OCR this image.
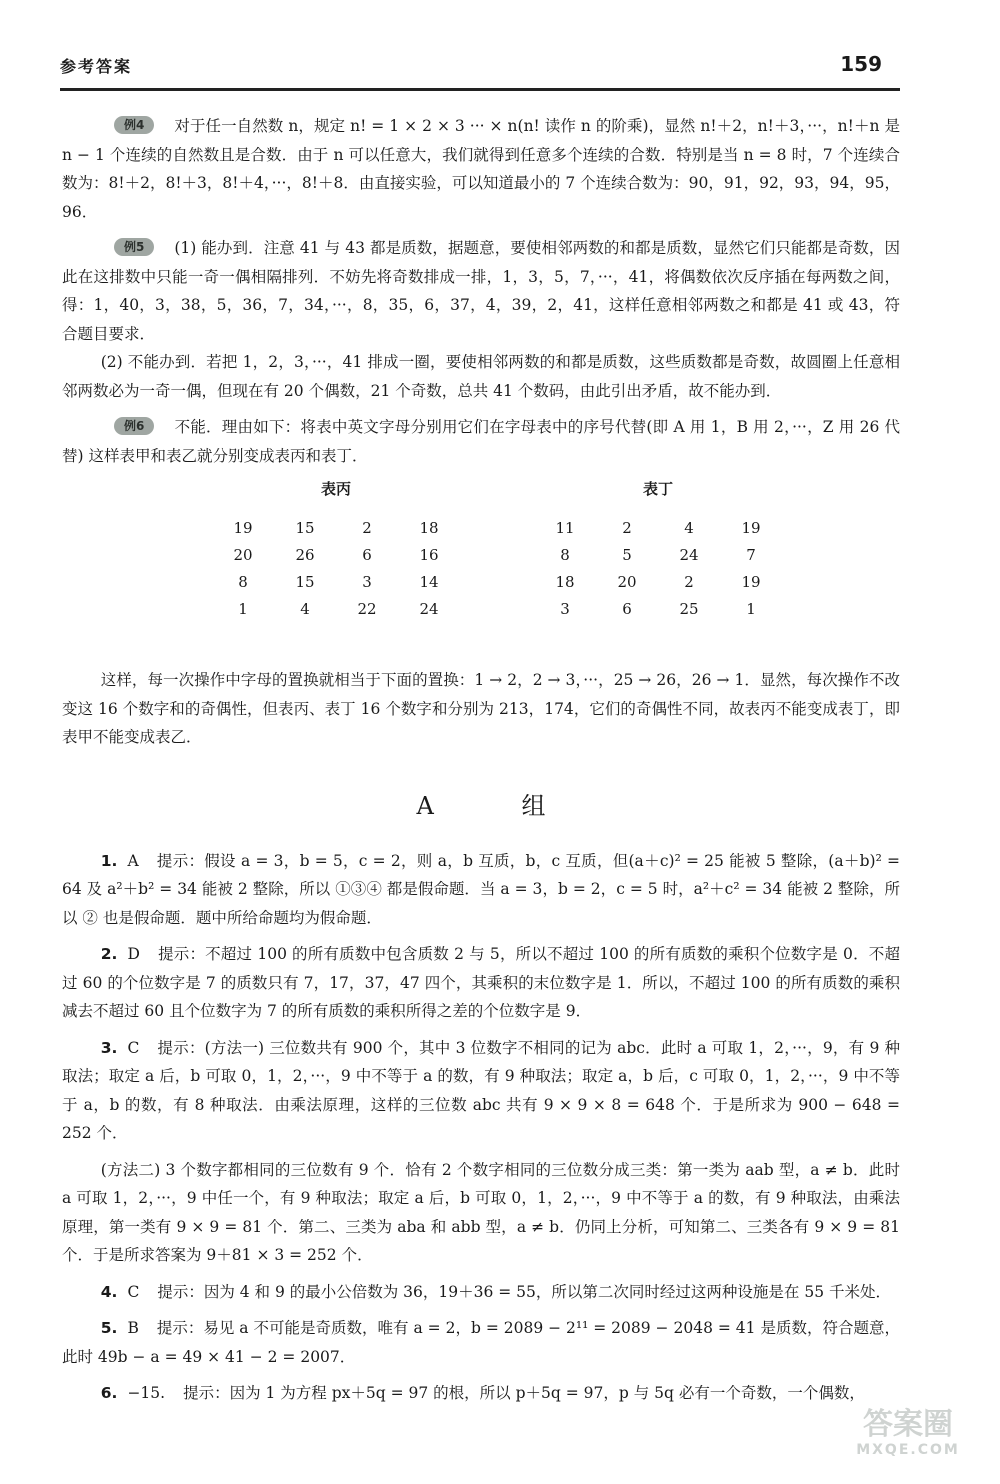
参考答案	159

例4 对于任一自然数 n，规定 n! = 1 × 2 × 3 ··· × n(n! 读作 n 的阶乘)，显然 n!＋2，n!＋3，···，n!＋n 是 n − 1 个连续的自然数且是合数．由于 n 可以任意大，我们就得到任意多个连续的合数．特别是当 n = 8 时，7 个连续合数为：8!＋2，8!＋3，8!＋4，···，8!＋8．由直接实验，可以知道最小的 7 个连续合数为：90，91，92，93，94，95，96．

例5 (1) 能办到．注意 41 与 43 都是质数，据题意，要使相邻两数的和都是质数，显然它们只能都是奇数，因此在这排数中只能一奇一偶相隔排列．不妨先将奇数排成一排，1，3，5，7，···，41，将偶数依次反序插在每两数之间，得：1，40，3，38，5，36，7，34，···，8，35，6，37，4，39，2，41，这样任意相邻两数之和都是 41 或 43，符合题目要求．

(2) 不能办到．若把 1，2，3，···，41 排成一圈，要使相邻两数的和都是质数，这些质数都是奇数，故圆圈上任意相邻两数必为一奇一偶，但现在有 20 个偶数，21 个奇数，总共 41 个数码，由此引出矛盾，故不能办到．

例6 不能．理由如下：将表中英文字母分别用它们在字母表中的序号代替(即 A 用 1，B 用 2，···，Z 用 26 代替) 这样表甲和表乙就分别变成表丙和表丁．

表丙
19	15	2	18
20	26	6	16
8	15	3	14
1	4	22	24
表丁
11	2	4	19
8	5	24	7
18	20	2	19
3	6	25	1

这样，每一次操作中字母的置换就相当于下面的置换：1 → 2，2 → 3，···，25 → 26，26 → 1．显然，每次操作不改变这 16 个数字和的奇偶性，但表丙、表丁 16 个数字和分别为 213，174，它们的奇偶性不同，故表丙不能变成表丁，即表甲不能变成表乙．

A 组

1. A 提示：假设 a = 3，b = 5，c = 2，则 a，b 互质，b，c 互质，但(a＋c)² = 25 能被 5 整除，(a＋b)² = 64 及 a²＋b² = 34 能被 2 整除，所以 ①③④ 都是假命题．当 a = 3，b = 2，c = 5 时，a²＋c² = 34 能被 2 整除，所以 ② 也是假命题．题中所给命题均为假命题．

2. D 提示：不超过 100 的所有质数中包含质数 2 与 5，所以不超过 100 的所有质数的乘积个位数字是 0．不超过 60 的个位数字是 7 的质数只有 7，17，37，47 四个，其乘积的末位数字是 1．所以，不超过 100 的所有质数的乘积减去不超过 60 且个位数字为 7 的所有质数的乘积所得之差的个位数字是 9．

3. C 提示：(方法一) 三位数共有 900 个，其中 3 位数字不相同的记为 abc．此时 a 可取 1，2，···，9，有 9 种取法；取定 a 后，b 可取 0，1，2，···，9 中不等于 a 的数，有 9 种取法；取定 a，b 后，c 可取 0，1，2，···，9 中不等于 a，b 的数，有 8 种取法．由乘法原理，这样的三位数 abc 共有 9 × 9 × 8 = 648 个．于是所求为 900 − 648 = 252 个．

(方法二) 3 个数字都相同的三位数有 9 个．恰有 2 个数字相同的三位数分成三类：第一类为 aab 型，a ≠ b．此时 a 可取 1，2，···，9 中任一个，有 9 种取法；取定 a 后，b 可取 0，1，2，···，9 中不等于 a 的数，有 9 种取法，由乘法原理，第一类有 9 × 9 = 81 个．第二、三类为 aba 和 abb 型，a ≠ b．仍同上分析，可知第二、三类各有 9 × 9 = 81 个．于是所求答案为 9＋81 × 3 = 252 个．

4. C 提示：因为 4 和 9 的最小公倍数为 36，19＋36 = 55，所以第二次同时经过这两种设施是在 55 千米处．

5. B 提示：易见 a 不可能是奇质数，唯有 a = 2，b = 2089 − 2¹¹ = 2089 − 2048 = 41 是质数，符合题意，此时 49b − a = 49 × 41 − 2 = 2007．

6. −15. 提示：因为 1 为方程 px＋5q = 97 的根，所以 p＋5q = 97，p 与 5q 必有一个奇数，一个偶数，

答案圈
MXQE.COM
